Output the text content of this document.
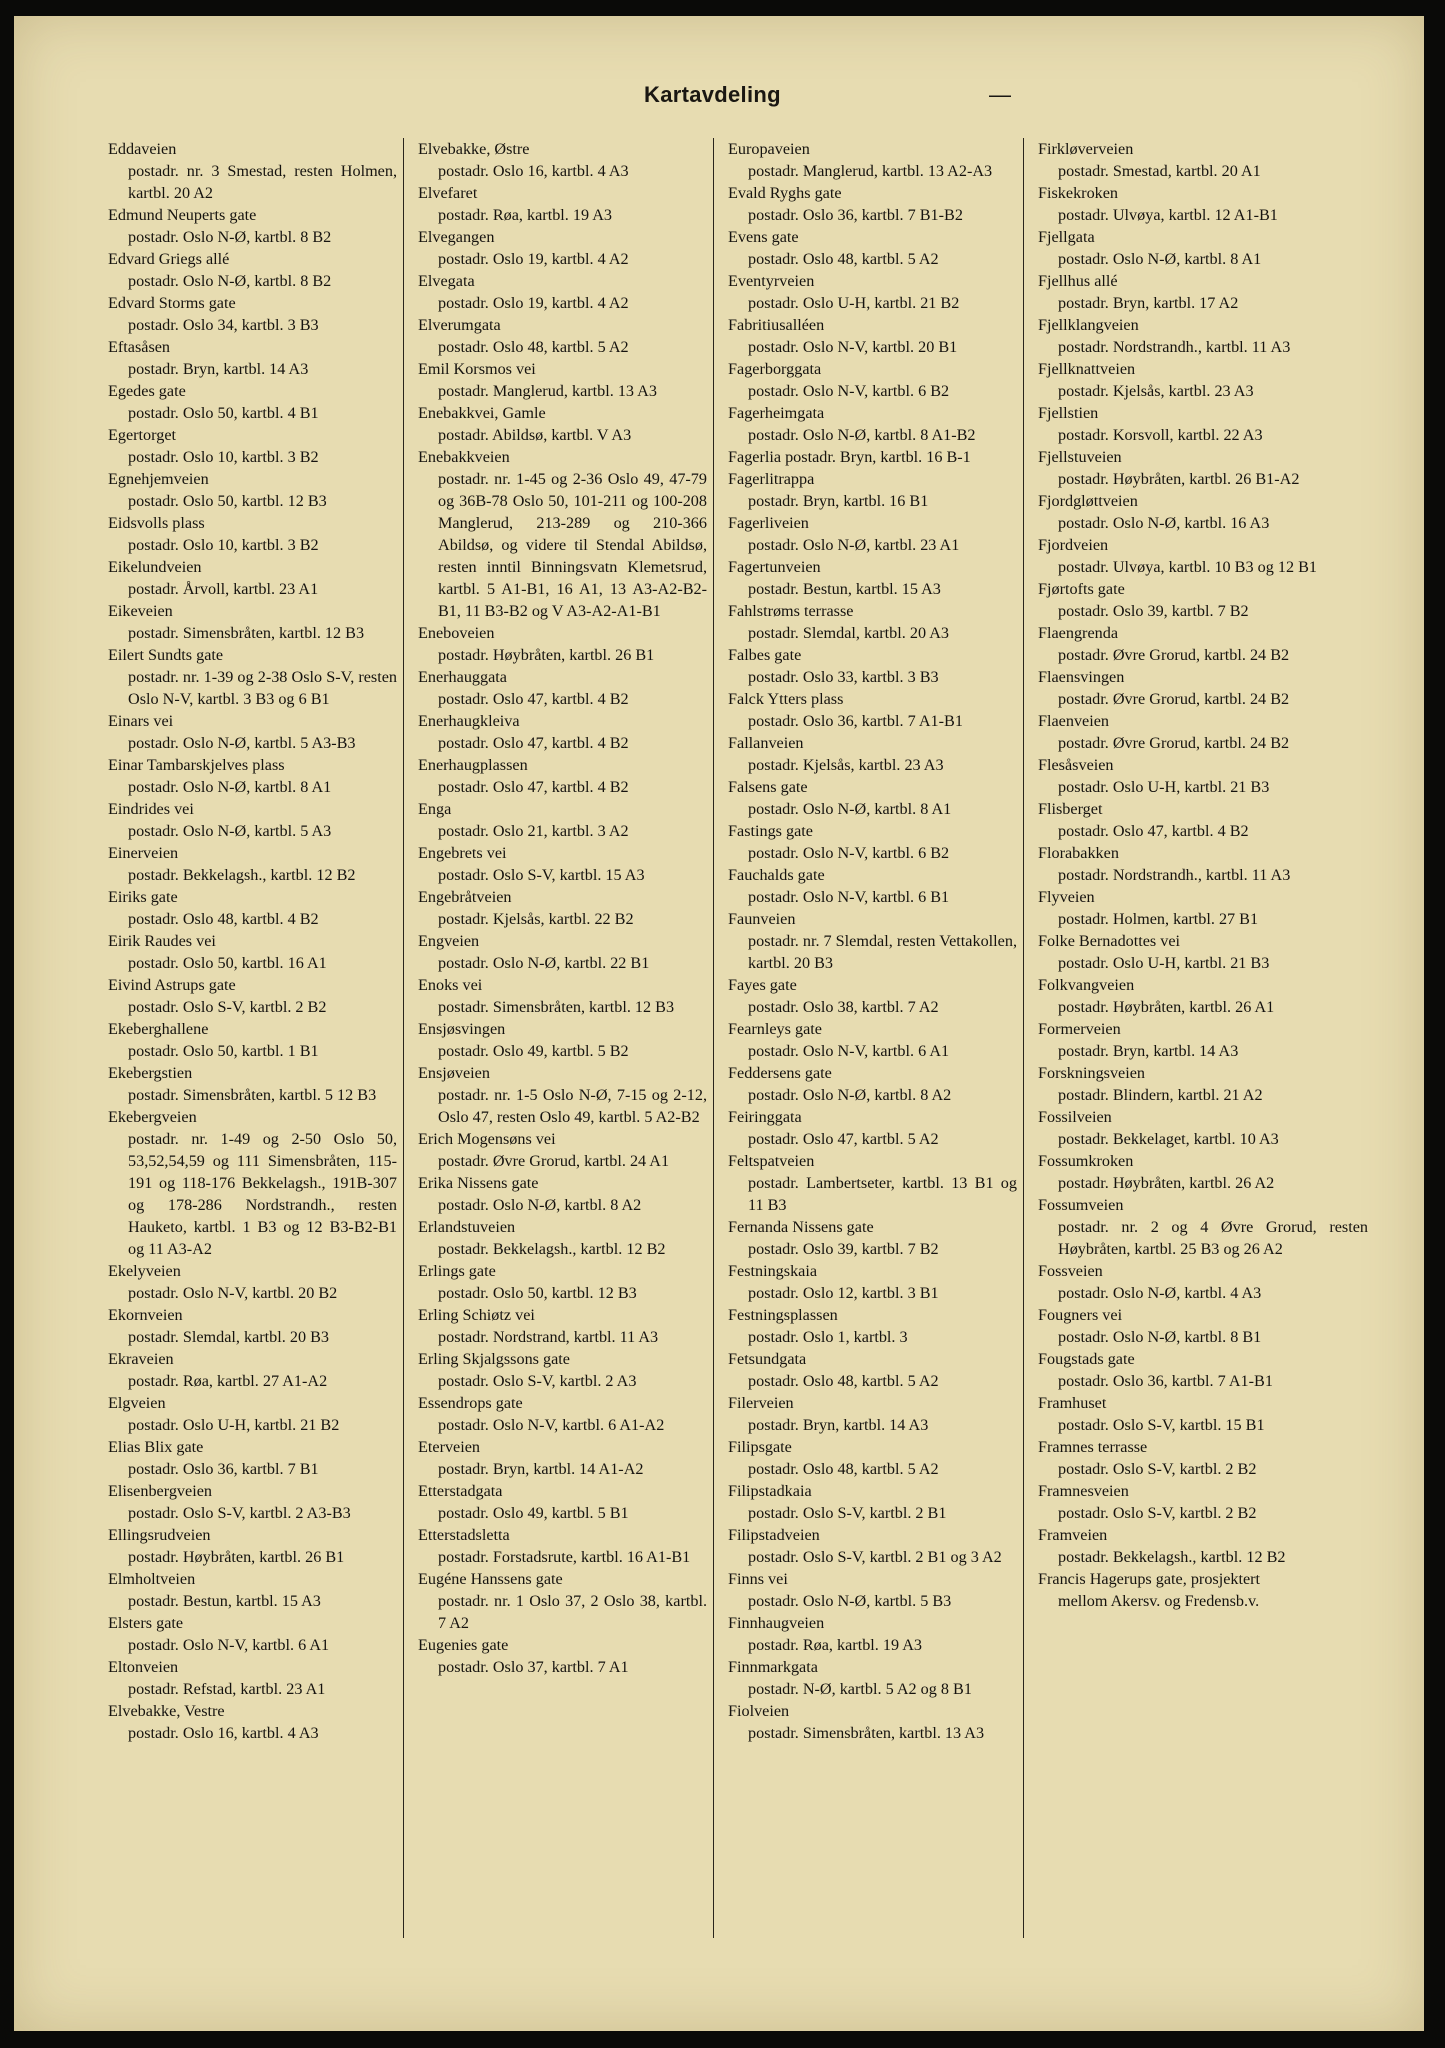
Kartavdeling	—
Eddaveien
postadr. nr. 3 Smestad, resten Holmen, kartbl. 20 A2
Edmund Neuperts gate
postadr. Oslo N-Ø, kartbl. 8 B2
Edvard Griegs allé
postadr. Oslo N-Ø, kartbl. 8 B2
Edvard Storms gate
postadr. Oslo 34, kartbl. 3 B3
Eftasåsen
postadr. Bryn, kartbl. 14 A3
Egedes gate
postadr. Oslo 50, kartbl. 4 B1
Egertorget
postadr. Oslo 10, kartbl. 3 B2
Egnehjemveien
postadr. Oslo 50, kartbl. 12 B3
Eidsvolls plass
postadr. Oslo 10, kartbl. 3 B2
Eikelundveien
postadr. Årvoll, kartbl. 23 A1
Eikeveien
postadr. Simensbråten, kartbl. 12 B3
Eilert Sundts gate
postadr. nr. 1-39 og 2-38 Oslo S-V, resten Oslo N-V, kartbl. 3 B3 og 6 B1
Einars vei
postadr. Oslo N-Ø, kartbl. 5 A3-B3
Einar Tambarskjelves plass
postadr. Oslo N-Ø, kartbl. 8 A1
Eindrides vei
postadr. Oslo N-Ø, kartbl. 5 A3
Einerveien
postadr. Bekkelagsh., kartbl. 12 B2
Eiriks gate
postadr. Oslo 48, kartbl. 4 B2
Eirik Raudes vei
postadr. Oslo 50, kartbl. 16 A1
Eivind Astrups gate
postadr. Oslo S-V, kartbl. 2 B2
Ekeberghallene
postadr. Oslo 50, kartbl. 1 B1
Ekebergstien
postadr. Simensbråten, kartbl. 5 12 B3
Ekebergveien
postadr. nr. 1-49 og 2-50 Oslo 50, 53,52,54,59 og 111 Simensbråten, 115-191 og 118-176 Bekkelagsh., 191B-307 og 178-286 Nordstrandh., resten Hauketo, kartbl. 1 B3 og 12 B3-B2-B1 og 11 A3-A2
Ekelyveien
postadr. Oslo N-V, kartbl. 20 B2
Ekornveien
postadr. Slemdal, kartbl. 20 B3
Ekraveien
postadr. Røa, kartbl. 27 A1-A2
Elgveien
postadr. Oslo U-H, kartbl. 21 B2
Elias Blix gate
postadr. Oslo 36, kartbl. 7 B1
Elisenbergveien
postadr. Oslo S-V, kartbl. 2 A3-B3
Ellingsrudveien
postadr. Høybråten, kartbl. 26 B1
Elmholtveien
postadr. Bestun, kartbl. 15 A3
Elsters gate
postadr. Oslo N-V, kartbl. 6 A1
Eltonveien
postadr. Refstad, kartbl. 23 A1
Elvebakke, Vestre
postadr. Oslo 16, kartbl. 4 A3
Elvebakke, Østre
postadr. Oslo 16, kartbl. 4 A3
Elvefaret
postadr. Røa, kartbl. 19 A3
Elvegangen
postadr. Oslo 19, kartbl. 4 A2
Elvegata
postadr. Oslo 19, kartbl. 4 A2
Elverumgata
postadr. Oslo 48, kartbl. 5 A2
Emil Korsmos vei
postadr. Manglerud, kartbl. 13 A3
Enebakkvei, Gamle
postadr. Abildsø, kartbl. V A3
Enebakkveien
postadr. nr. 1-45 og 2-36 Oslo 49, 47-79 og 36B-78 Oslo 50, 101-211 og 100-208 Manglerud, 213-289 og 210-366 Abildsø, og videre til Stendal Abildsø, resten inntil Binningsvatn Klemetsrud, kartbl. 5 A1-B1, 16 A1, 13 A3-A2-B2-B1, 11 B3-B2 og V A3-A2-A1-B1
Eneboveien
postadr. Høybråten, kartbl. 26 B1
Enerhauggata
postadr. Oslo 47, kartbl. 4 B2
Enerhaugkleiva
postadr. Oslo 47, kartbl. 4 B2
Enerhaugplassen
postadr. Oslo 47, kartbl. 4 B2
Enga
postadr. Oslo 21, kartbl. 3 A2
Engebrets vei
postadr. Oslo S-V, kartbl. 15 A3
Engebråtveien
postadr. Kjelsås, kartbl. 22 B2
Engveien
postadr. Oslo N-Ø, kartbl. 22 B1
Enoks vei
postadr. Simensbråten, kartbl. 12 B3
Ensjøsvingen
postadr. Oslo 49, kartbl. 5 B2
Ensjøveien
postadr. nr. 1-5 Oslo N-Ø, 7-15 og 2-12, Oslo 47, resten Oslo 49, kartbl. 5 A2-B2
Erich Mogensøns vei
postadr. Øvre Grorud, kartbl. 24 A1
Erika Nissens gate
postadr. Oslo N-Ø, kartbl. 8 A2
Erlandstuveien
postadr. Bekkelagsh., kartbl. 12 B2
Erlings gate
postadr. Oslo 50, kartbl. 12 B3
Erling Schiøtz vei
postadr. Nordstrand, kartbl. 11 A3
Erling Skjalgssons gate
postadr. Oslo S-V, kartbl. 2 A3
Essendrops gate
postadr. Oslo N-V, kartbl. 6 A1-A2
Eterveien
postadr. Bryn, kartbl. 14 A1-A2
Etterstadgata
postadr. Oslo 49, kartbl. 5 B1
Etterstadsletta
postadr. Forstadsrute, kartbl. 16 A1-B1
Eugéne Hanssens gate
postadr. nr. 1 Oslo 37, 2 Oslo 38, kartbl. 7 A2
Eugenies gate
postadr. Oslo 37, kartbl. 7 A1
Europaveien
postadr. Manglerud, kartbl. 13 A2-A3
Evald Ryghs gate
postadr. Oslo 36, kartbl. 7 B1-B2
Evens gate
postadr. Oslo 48, kartbl. 5 A2
Eventyrveien
postadr. Oslo U-H, kartbl. 21 B2
Fabritiusalléen
postadr. Oslo N-V, kartbl. 20 B1
Fagerborggata
postadr. Oslo N-V, kartbl. 6 B2
Fagerheimgata
postadr. Oslo N-Ø, kartbl. 8 A1-B2
Fagerlia postadr. Bryn, kartbl. 16 B-1
Fagerlitrappa
postadr. Bryn, kartbl. 16 B1
Fagerliveien
postadr. Oslo N-Ø, kartbl. 23 A1
Fagertunveien
postadr. Bestun, kartbl. 15 A3
Fahlstrøms terrasse
postadr. Slemdal, kartbl. 20 A3
Falbes gate
postadr. Oslo 33, kartbl. 3 B3
Falck Ytters plass
postadr. Oslo 36, kartbl. 7 A1-B1
Fallanveien
postadr. Kjelsås, kartbl. 23 A3
Falsens gate
postadr. Oslo N-Ø, kartbl. 8 A1
Fastings gate
postadr. Oslo N-V, kartbl. 6 B2
Fauchalds gate
postadr. Oslo N-V, kartbl. 6 B1
Faunveien
postadr. nr. 7 Slemdal, resten Vettakollen, kartbl. 20 B3
Fayes gate
postadr. Oslo 38, kartbl. 7 A2
Fearnleys gate
postadr. Oslo N-V, kartbl. 6 A1
Feddersens gate
postadr. Oslo N-Ø, kartbl. 8 A2
Feiringgata
postadr. Oslo 47, kartbl. 5 A2
Feltspatveien
postadr. Lambertseter, kartbl. 13 B1 og 11 B3
Fernanda Nissens gate
postadr. Oslo 39, kartbl. 7 B2
Festningskaia
postadr. Oslo 12, kartbl. 3 B1
Festningsplassen
postadr. Oslo 1, kartbl. 3
Fetsundgata
postadr. Oslo 48, kartbl. 5 A2
Filerveien
postadr. Bryn, kartbl. 14 A3
Filipsgate
postadr. Oslo 48, kartbl. 5 A2
Filipstadkaia
postadr. Oslo S-V, kartbl. 2 B1
Filipstadveien
postadr. Oslo S-V, kartbl. 2 B1 og 3 A2
Finns vei
postadr. Oslo N-Ø, kartbl. 5 B3
Finnhaugveien
postadr. Røa, kartbl. 19 A3
Finnmarkgata
postadr. N-Ø, kartbl. 5 A2 og 8 B1
Fiolveien
postadr. Simensbråten, kartbl. 13 A3
Firkløverveien
postadr. Smestad, kartbl. 20 A1
Fiskekroken
postadr. Ulvøya, kartbl. 12 A1-B1
Fjellgata
postadr. Oslo N-Ø, kartbl. 8 A1
Fjellhus allé
postadr. Bryn, kartbl. 17 A2
Fjellklangveien
postadr. Nordstrandh., kartbl. 11 A3
Fjellknattveien
postadr. Kjelsås, kartbl. 23 A3
Fjellstien
postadr. Korsvoll, kartbl. 22 A3
Fjellstuveien
postadr. Høybråten, kartbl. 26 B1-A2
Fjordgløttveien
postadr. Oslo N-Ø, kartbl. 16 A3
Fjordveien
postadr. Ulvøya, kartbl. 10 B3 og 12 B1
Fjørtofts gate
postadr. Oslo 39, kartbl. 7 B2
Flaengrenda
postadr. Øvre Grorud, kartbl. 24 B2
Flaensvingen
postadr. Øvre Grorud, kartbl. 24 B2
Flaenveien
postadr. Øvre Grorud, kartbl. 24 B2
Flesåsveien
postadr. Oslo U-H, kartbl. 21 B3
Flisberget
postadr. Oslo 47, kartbl. 4 B2
Florabakken
postadr. Nordstrandh., kartbl. 11 A3
Flyveien
postadr. Holmen, kartbl. 27 B1
Folke Bernadottes vei
postadr. Oslo U-H, kartbl. 21 B3
Folkvangveien
postadr. Høybråten, kartbl. 26 A1
Formerveien
postadr. Bryn, kartbl. 14 A3
Forskningsveien
postadr. Blindern, kartbl. 21 A2
Fossilveien
postadr. Bekkelaget, kartbl. 10 A3
Fossumkroken
postadr. Høybråten, kartbl. 26 A2
Fossumveien
postadr. nr. 2 og 4 Øvre Grorud, resten Høybråten, kartbl. 25 B3 og 26 A2
Fossveien
postadr. Oslo N-Ø, kartbl. 4 A3
Fougners vei
postadr. Oslo N-Ø, kartbl. 8 B1
Fougstads gate
postadr. Oslo 36, kartbl. 7 A1-B1
Framhuset
postadr. Oslo S-V, kartbl. 15 B1
Framnes terrasse
postadr. Oslo S-V, kartbl. 2 B2
Framnesveien
postadr. Oslo S-V, kartbl. 2 B2
Framveien
postadr. Bekkelagsh., kartbl. 12 B2
Francis Hagerups gate, prosjektert
mellom Akersv. og Fredensb.v.
